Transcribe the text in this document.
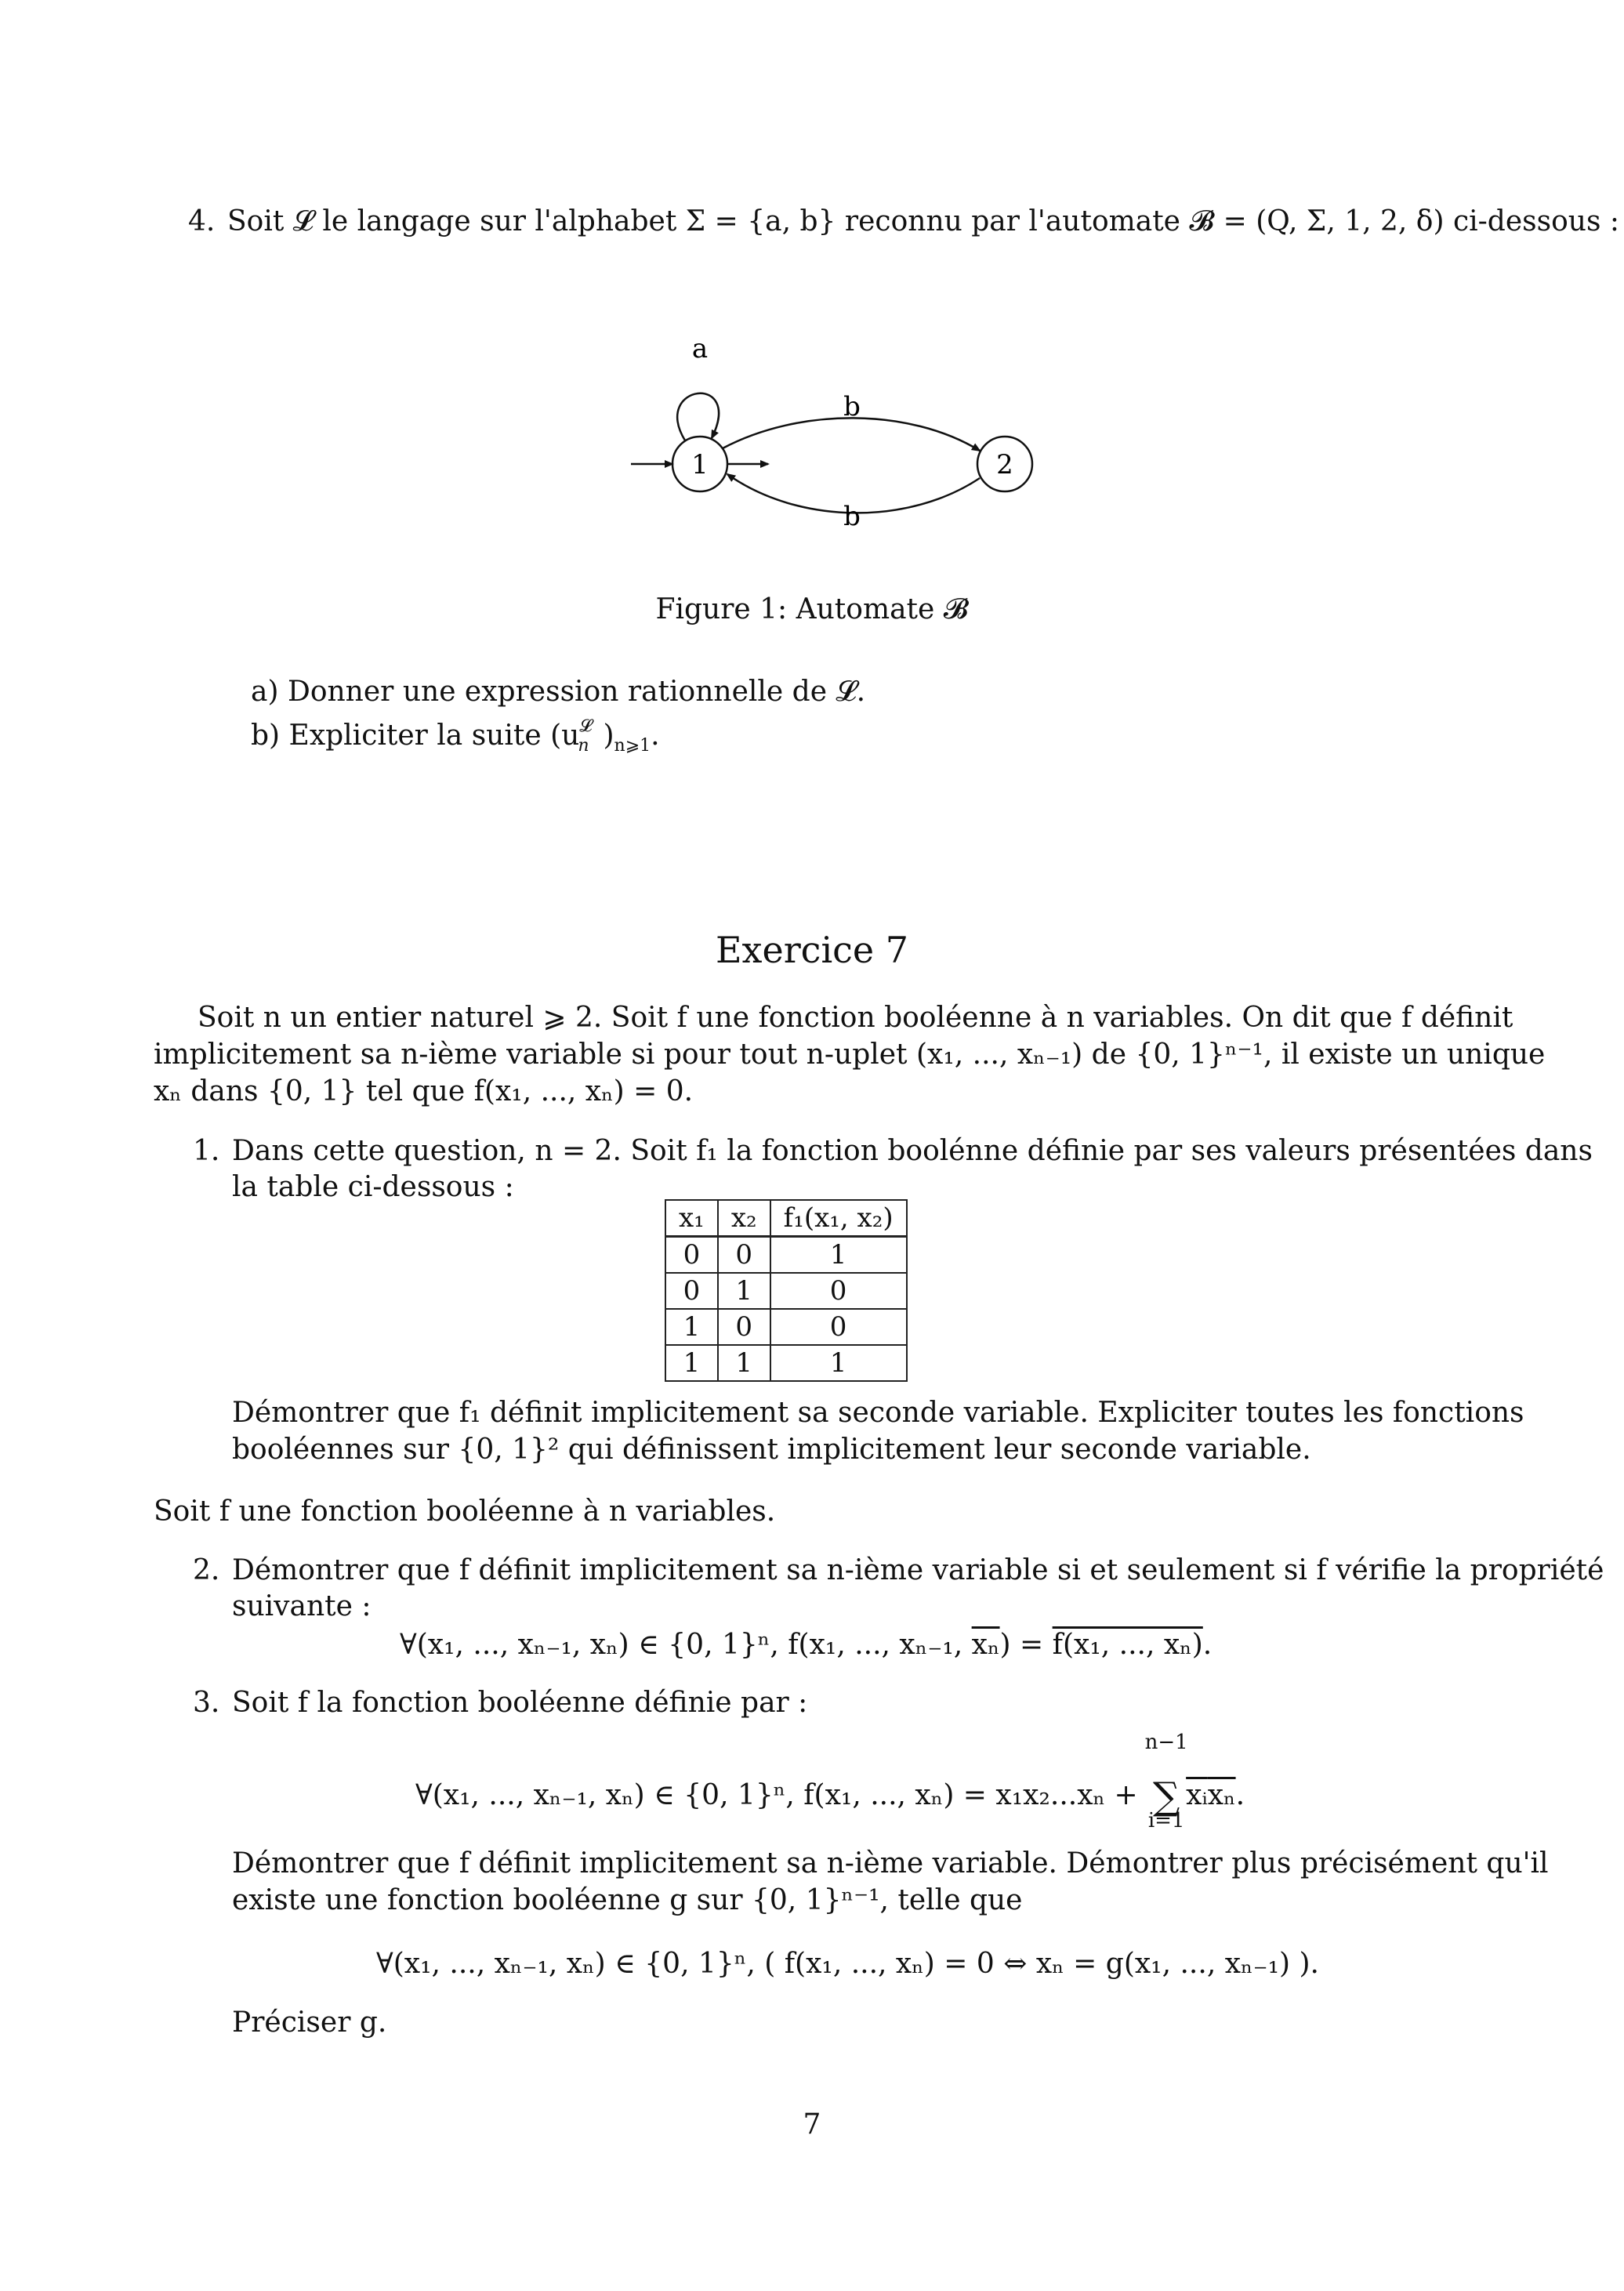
4. Soit 𝓛 le langage sur l'alphabet Σ = {a, b} reconnu par l'automate 𝓑 = (Q, Σ, 1, 2, δ) ci-dessous :
1	2
a
b
b
Figure 1: Automate 𝓑
a) Donner une expression rationnelle de 𝓛.
b) Expliciter la suite ($u^𝓛_n$ )$_{n⩾1}$.
Exercice 7
Soit n un entier naturel ⩾ 2. Soit f une fonction booléenne à n variables. On dit que f définit
implicitement sa n-ième variable si pour tout n-uplet (x₁, ..., xₙ₋₁) de {0, 1}ⁿ⁻¹, il existe un unique
xₙ dans {0, 1} tel que f(x₁, ..., xₙ) = 0.
1. Dans cette question, n = 2. Soit f₁ la fonction boolénne définie par ses valeurs présentées dans
la table ci-dessous :
x₁	x₂	f₁(x₁, x₂)
0	0	1
0	1	0
1	0	0
1	1	1
Démontrer que f₁ définit implicitement sa seconde variable. Expliciter toutes les fonctions
booléennes sur {0, 1}² qui définissent implicitement leur seconde variable.
Soit f une fonction booléenne à n variables.
2. Démontrer que f définit implicitement sa n-ième variable si et seulement si f vérifie la propriété
suivante :
∀(x₁, ..., xₙ₋₁, xₙ) ∈ {0, 1}ⁿ, f(x₁, ..., xₙ₋₁, $\overline{x_n}) = f(x_1$, ..., xₙ).
3. Soit f la fonction booléenne définie par :
∀(x₁, ..., xₙ₋₁, xₙ) ∈ {0, 1}ⁿ, f(x₁, ..., xₙ) = x₁x₂...xₙ +
n−1
∑
i=1
$\overline{xᵢ}\overline{x_n}$.
Démontrer que f définit implicitement sa n-ième variable. Démontrer plus précisément qu'il
existe une fonction booléenne g sur {0, 1}ⁿ⁻¹, telle que
∀(x₁, ..., xₙ₋₁, xₙ) ∈ {0, 1}ⁿ, ( f(x₁, ..., xₙ) = 0 ⇔ xₙ = g(x₁, ..., xₙ₋₁) ).
Préciser g.
7
